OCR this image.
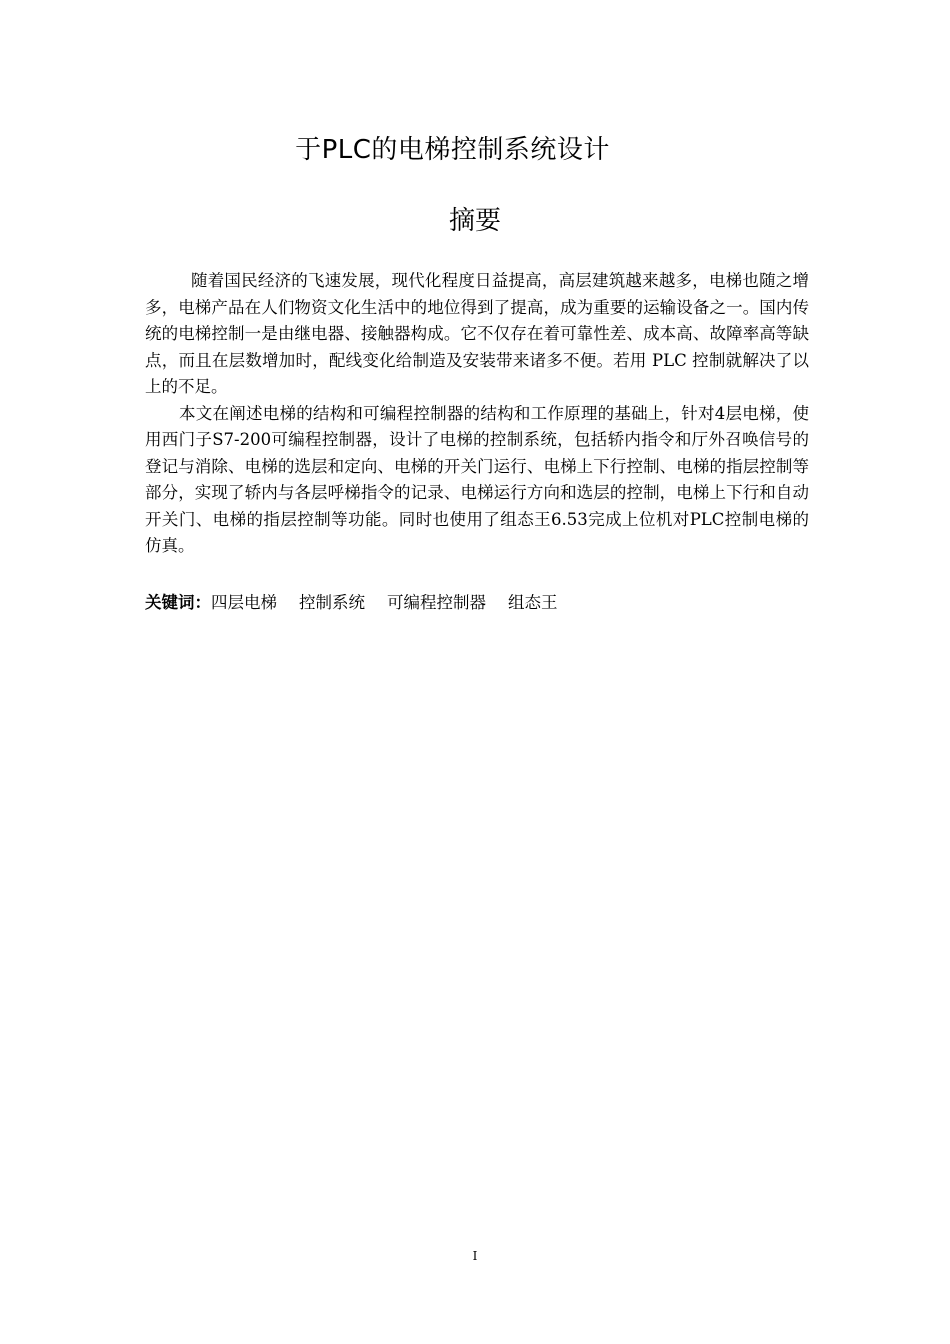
于PLC的电梯控制系统设计
摘要

随着国民经济的飞速发展，现代化程度日益提高，高层建筑越来越多，电梯也随之增多，电梯产品在人们物资文化生活中的地位得到了提高，成为重要的运输设备之一。国内传统的电梯控制一是由继电器、接触器构成。它不仅存在着可靠性差、成本高、故障率高等缺点，而且在层数增加时，配线变化给制造及安装带来诸多不便。若用 PLC 控制就解决了以上的不足。

本文在阐述电梯的结构和可编程控制器的结构和工作原理的基础上，针对4层电梯，使用西门子S7-200可编程控制器，设计了电梯的控制系统，包括轿内指令和厅外召唤信号的登记与消除、电梯的选层和定向、电梯的开关门运行、电梯上下行控制、电梯的指层控制等部分，实现了轿内与各层呼梯指令的记录、电梯运行方向和选层的控制，电梯上下行和自动开关门、电梯的指层控制等功能。同时也使用了组态王6.53完成上位机对PLC控制电梯的仿真。

关键词：四层电梯 控制系统 可编程控制器 组态王
I
